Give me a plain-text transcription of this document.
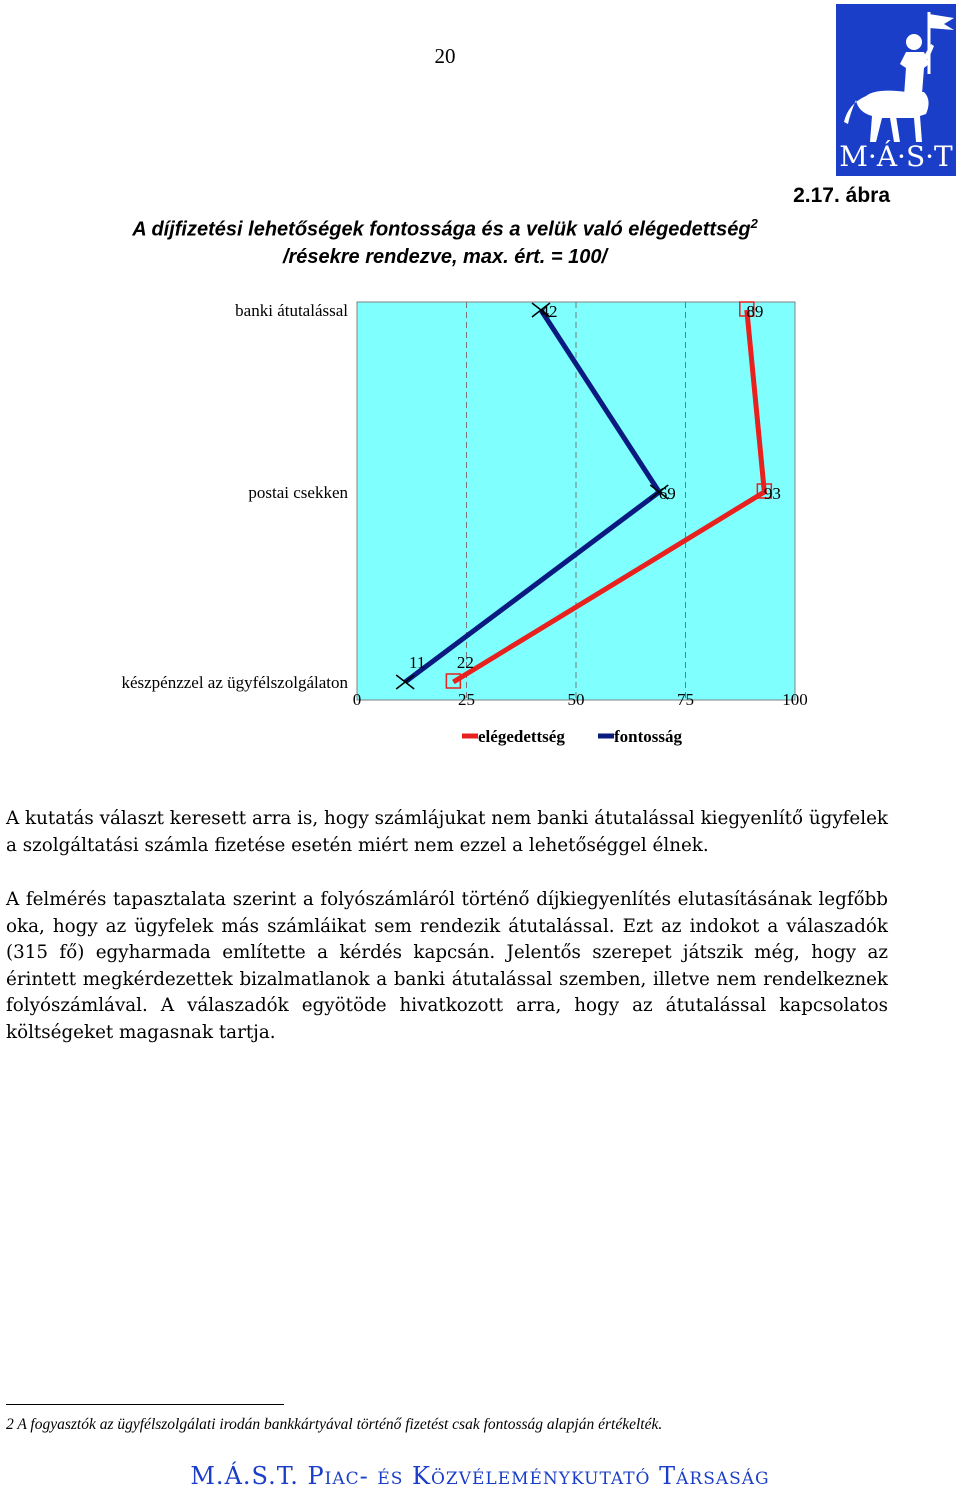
20
M·Á·S·T
2.17. ábra
A díjfizetési lehetőségek fontossága és a velük való elégedettség$^2$
/résekre rendezve, max. ért. = 100/
banki átutalással
postai csekken
készpénzzel az ügyfélszolgálaton
0	25	50	75	100
89
93
22
42
69
11
elégedettség	fontosság
A kutatás választ keresett arra is, hogy számlájukat nem banki átutalással kiegyenlítő ügyfelek a szolgáltatási számla fizetése esetén miért nem ezzel a lehetőséggel élnek.
A felmérés tapasztalata szerint a folyószámláról történő díjkiegyenlítés elutasításának legfőbb oka, hogy az ügyfelek más számláikat sem rendezik átutalással. Ezt az indokot a válaszadók (315 fő) egyharmada említette a kérdés kapcsán. Jelentős szerepet játszik még, hogy az érintett megkérdezettek bizalmatlanok a banki átutalással szemben, illetve nem rendelkeznek folyószámlával. A válaszadók egyötöde hivatkozott arra, hogy az átutalással kapcsolatos költségeket magasnak tartja.
2 A fogyasztók az ügyfélszolgálati irodán bankkártyával történő fizetést csak fontosság alapján értékelték.
M.Á.S.T. Piac- és Közvéleménykutató Társaság
